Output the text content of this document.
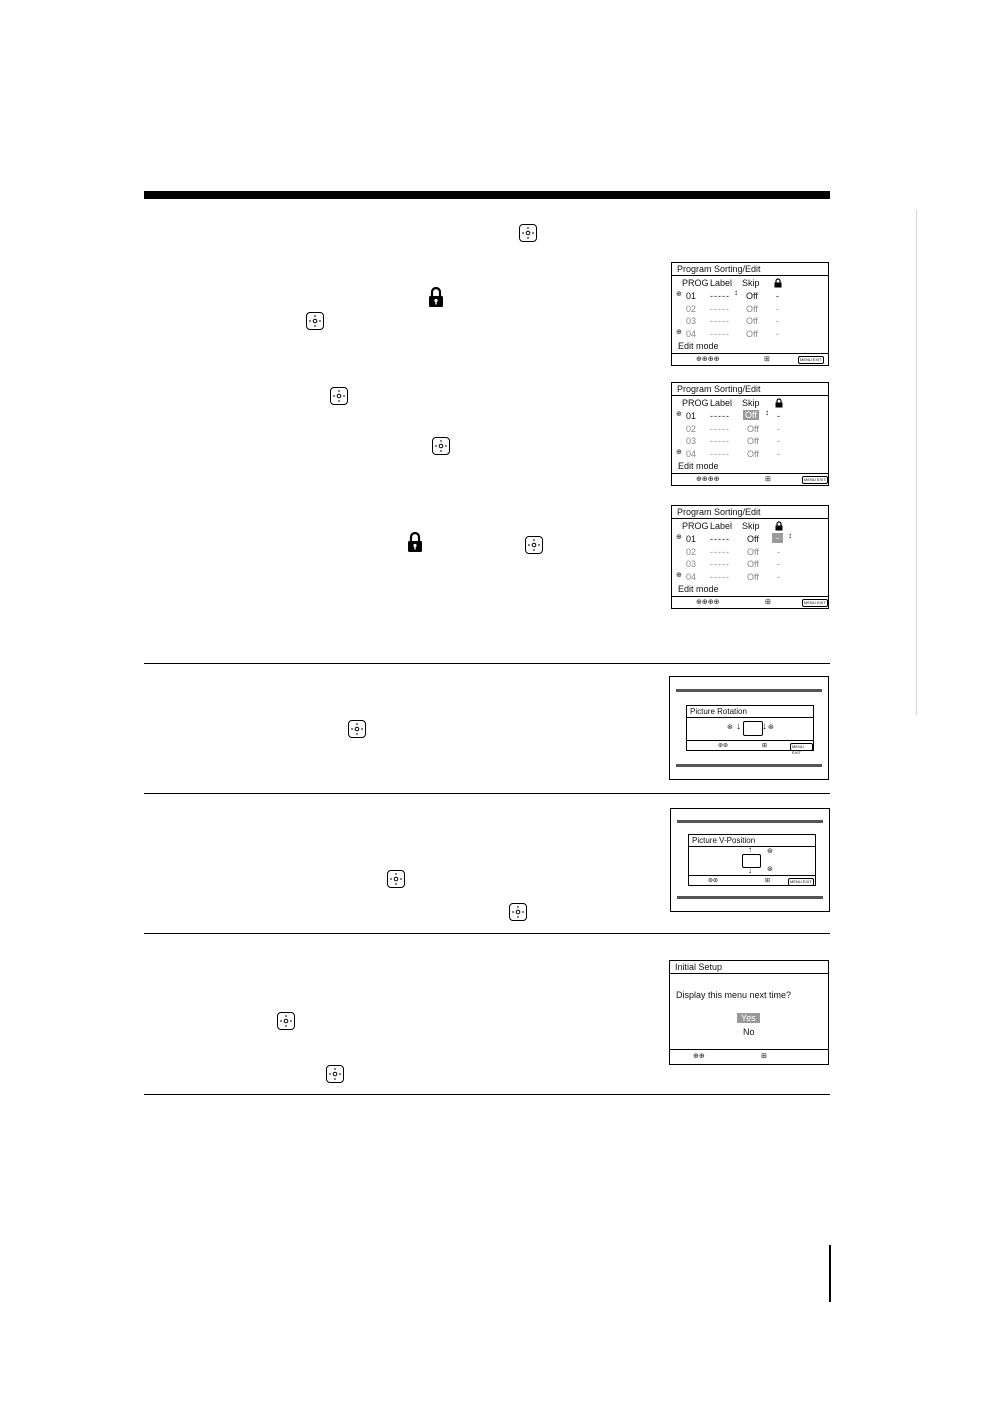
Program Sorting/Edit
PROG Label Skip
⊕ 01 ----- ↕ Off -
02 ----- Off -
03 ----- Off -
⊕ 04 ----- Off -
Edit mode
⊕⊕⊕⊕	⊞	MENU EXIT
Program Sorting/Edit
PROG Label Skip
⊕ 01 ----- Off ↕ -
02 ----- Off -
03 ----- Off -
⊕ 04 ----- Off -
Edit mode
⊕⊕⊕⊕	⊞	MENU EXIT
Program Sorting/Edit
PROG Label Skip
⊕ 01 ----- Off	-	↕
02 ----- Off -
03 ----- Off -
⊕ 04 ----- Off -
Edit mode
⊕⊕⊕⊕	⊞	MENU EXIT
Picture Rotation
⊛ ↓ ↓ ⊛
⊛⊛	⊞	MENU EXIT
Picture V-Position
↑ ⊛
↓ ⊛
⊛⊛	⊞	MENU EXIT
Initial Setup
Display this menu next time?
Yes
No
⊕⊕	⊞
